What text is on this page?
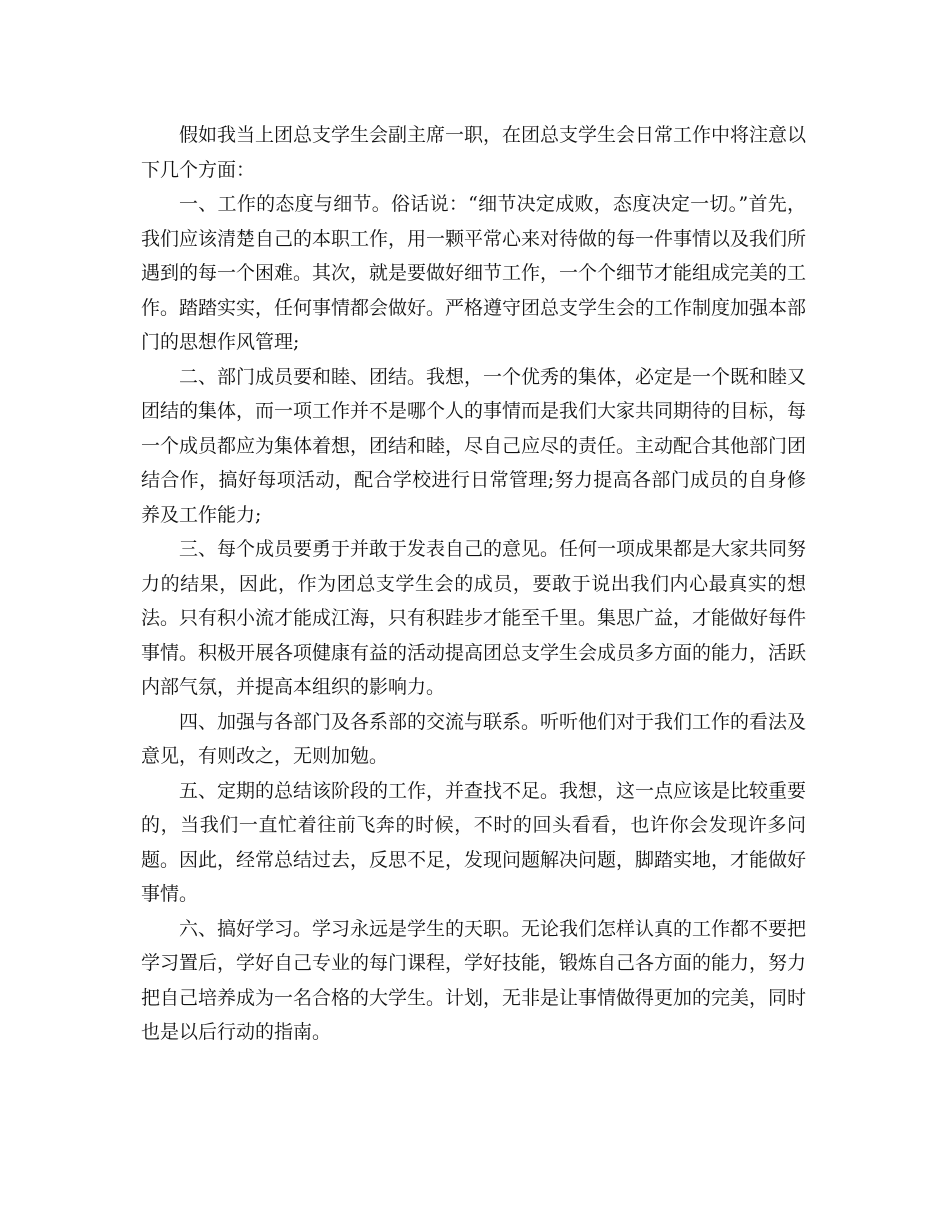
假如我当上团总支学生会副主席一职，在团总支学生会日常工作中将注意以下几个方面：

一、工作的态度与细节。俗话说：“细节决定成败，态度决定一切。”首先，我们应该清楚自己的本职工作，用一颗平常心来对待做的每一件事情以及我们所遇到的每一个困难。其次，就是要做好细节工作，一个个细节才能组成完美的工作。踏踏实实，任何事情都会做好。严格遵守团总支学生会的工作制度加强本部门的思想作风管理;

二、部门成员要和睦、团结。我想，一个优秀的集体，必定是一个既和睦又团结的集体，而一项工作并不是哪个人的事情而是我们大家共同期待的目标，每一个成员都应为集体着想，团结和睦，尽自己应尽的责任。主动配合其他部门团结合作，搞好每项活动，配合学校进行日常管理;努力提高各部门成员的自身修养及工作能力;

三、每个成员要勇于并敢于发表自己的意见。任何一项成果都是大家共同努力的结果，因此，作为团总支学生会的成员，要敢于说出我们内心最真实的想法。只有积小流才能成江海，只有积跬步才能至千里。集思广益，才能做好每件事情。积极开展各项健康有益的活动提高团总支学生会成员多方面的能力，活跃内部气氛，并提高本组织的影响力。

四、加强与各部门及各系部的交流与联系。听听他们对于我们工作的看法及意见，有则改之，无则加勉。

五、定期的总结该阶段的工作，并查找不足。我想，这一点应该是比较重要的，当我们一直忙着往前飞奔的时候，不时的回头看看，也许你会发现许多问题。因此，经常总结过去，反思不足，发现问题解决问题，脚踏实地，才能做好事情。

六、搞好学习。学习永远是学生的天职。无论我们怎样认真的工作都不要把学习置后，学好自己专业的每门课程，学好技能，锻炼自己各方面的能力，努力把自己培养成为一名合格的大学生。计划，无非是让事情做得更加的完美，同时也是以后行动的指南。
